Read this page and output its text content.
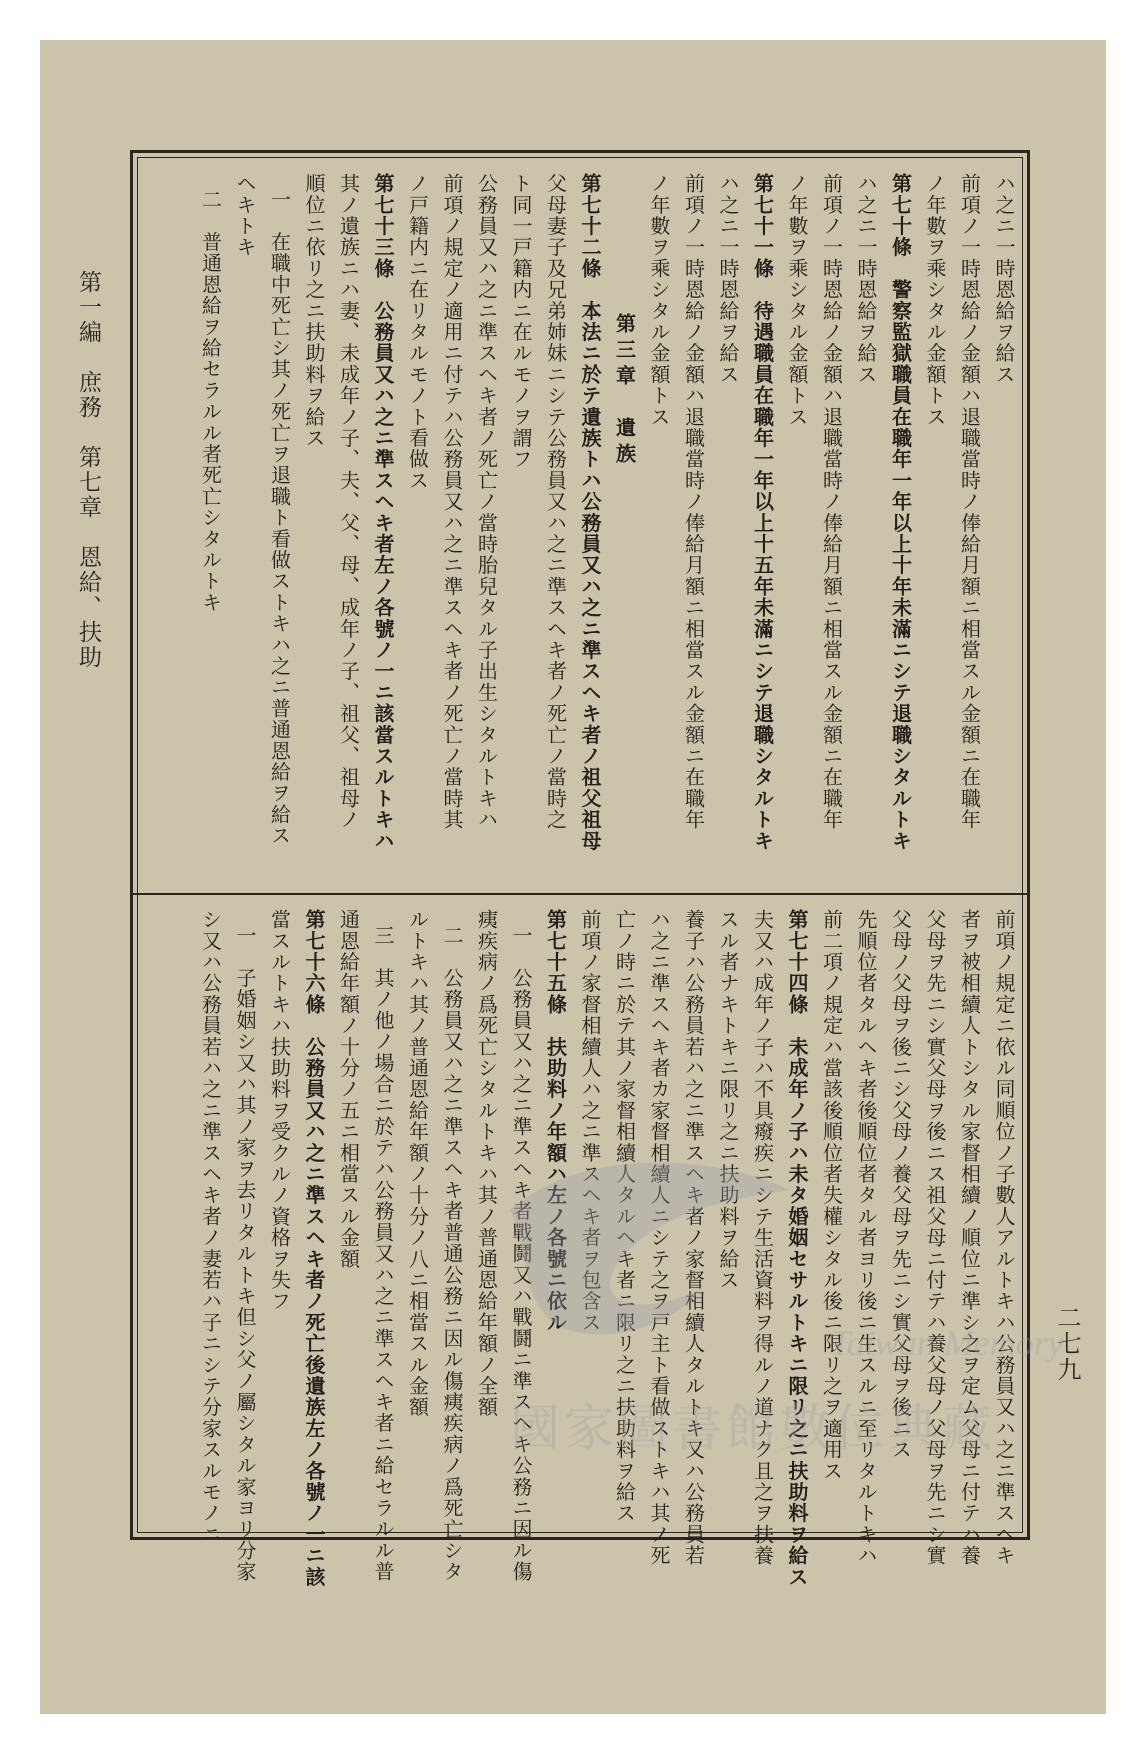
第一編　庶務　第七章　恩給、扶助	ハ之ニ一時恩給ヲ給ス
前項ノ一時恩給ノ金額ハ退職當時ノ俸給月額ニ相當スル金額ニ在職年
ノ年數ヲ乘シタル金額トス
第七十條　警察監獄職員在職年一年以上十年未滿ニシテ退職シタルトキ
ハ之ニ一時恩給ヲ給ス
前項ノ一時恩給ノ金額ハ退職當時ノ俸給月額ニ相當スル金額ニ在職年
ノ年數ヲ乘シタル金額トス
第七十一條　待遇職員在職年一年以上十五年未滿ニシテ退職シタルトキ
ハ之ニ一時恩給ヲ給ス
前項ノ一時恩給ノ金額ハ退職當時ノ俸給月額ニ相當スル金額ニ在職年
ノ年數ヲ乘シタル金額トス
第三章　遺族
第七十二條　本法ニ於テ遺族トハ公務員又ハ之ニ準スヘキ者ノ祖父祖母
父母妻子及兄弟姉妹ニシテ公務員又ハ之ニ準スヘキ者ノ死亡ノ當時之
ト同一戸籍内ニ在ルモノヲ謂フ
公務員又ハ之ニ準スヘキ者ノ死亡ノ當時胎兒タル子出生シタルトキハ
前項ノ規定ノ適用ニ付テハ公務員又ハ之ニ準スヘキ者ノ死亡ノ當時其
ノ戸籍内ニ在リタルモノト看做ス
第七十三條　公務員又ハ之ニ準スヘキ者左ノ各號ノ一ニ該當スルトキハ
其ノ遺族ニハ妻、未成年ノ子、夫、父、母、成年ノ子、祖父、祖母ノ
順位ニ依リ之ニ扶助料ヲ給ス
一　在職中死亡シ其ノ死亡ヲ退職ト看做ストキハ之ニ普通恩給ヲ給ス
ヘキトキ
二　普通恩給ヲ給セラルル者死亡シタルトキ
前項ノ規定ニ依ル同順位ノ子數人アルトキハ公務員又ハ之ニ準スヘキ
者ヲ被相續人トシタル家督相續ノ順位ニ準シ之ヲ定ム父母ニ付テハ養
父母ヲ先ニシ實父母ヲ後ニス祖父母ニ付テハ養父母ノ父母ヲ先ニシ實
父母ノ父母ヲ後ニシ父母ノ養父母ヲ先ニシ實父母ヲ後ニス
先順位者タルヘキ者後順位者タル者ヨリ後ニ生スルニ至リタルトキハ
前二項ノ規定ハ當該後順位者失權シタル後ニ限リ之ヲ適用ス
第七十四條　未成年ノ子ハ未タ婚姻セサルトキニ限リ之ニ扶助料ヲ給ス
夫又ハ成年ノ子ハ不具癈疾ニシテ生活資料ヲ得ルノ道ナク且之ヲ扶養
スル者ナキトキニ限リ之ニ扶助料ヲ給ス
養子ハ公務員若ハ之ニ準スヘキ者ノ家督相續人タルトキ又ハ公務員若
ハ之ニ準スヘキ者カ家督相續人ニシテ之ヲ戸主ト看做ストキハ其ノ死
亡ノ時ニ於テ其ノ家督相續人タルヘキ者ニ限リ之ニ扶助料ヲ給ス
前項ノ家督相續人ハ之ニ準スヘキ者ヲ包含ス
第七十五條　扶助料ノ年額ハ左ノ各號ニ依ル
一　公務員又ハ之ニ準スヘキ者戰鬪又ハ戰鬪ニ準スヘキ公務ニ因ル傷
痍疾病ノ爲死亡シタルトキハ其ノ普通恩給年額ノ全額
二　公務員又ハ之ニ準スヘキ者普通公務ニ因ル傷痍疾病ノ爲死亡シタ
ルトキハ其ノ普通恩給年額ノ十分ノ八ニ相當スル金額
三　其ノ他ノ場合ニ於テハ公務員又ハ之ニ準スヘキ者ニ給セラルル普
通恩給年額ノ十分ノ五ニ相當スル金額
第七十六條　公務員又ハ之ニ準スヘキ者ノ死亡後遺族左ノ各號ノ一ニ該
當スルトキハ扶助料ヲ受クルノ資格ヲ失フ
一　子婚姻シ又ハ其ノ家ヲ去リタルトキ但シ父ノ屬シタル家ヨリ分家
シ又ハ公務員若ハ之ニ準スヘキ者ノ妻若ハ子ニシテ分家スルモノニ	二七九
Taiwan Memory
國家圖書館數位典藏
